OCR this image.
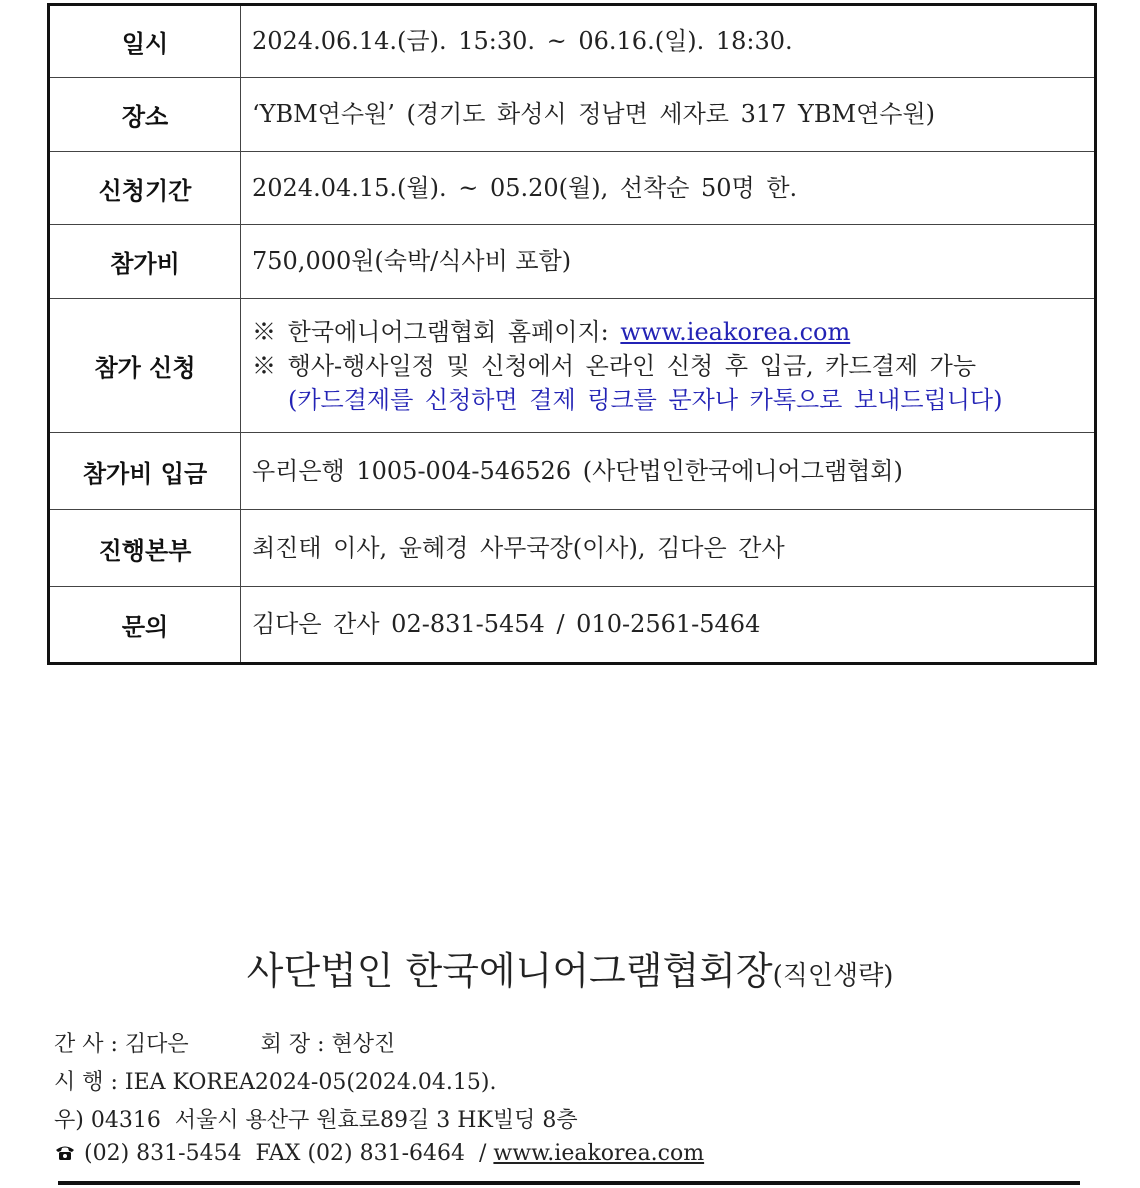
일시	2024.06.14.(금). 15:30. ~ 06.16.(일). 18:30.
장소	‘YBM연수원’ (경기도 화성시 정남면 세자로 317 YBM연수원)
신청기간	2024.04.15.(월). ~ 05.20(월), 선착순 50명 한.
참가비	750,000원(숙박/식사비 포함)
참가 신청	※ 한국에니어그램협회 홈페이지: www.ieakorea.com
※ 행사-행사일정 및 신청에서 온라인 신청 후 입금, 카드결제 가능
(카드결제를 신청하면 결제 링크를 문자나 카톡으로 보내드립니다)

참가비 입금	우리은행 1005-004-546526 (사단법인한국에니어그램협회)
진행본부	최진태 이사, 윤혜경 사무국장(이사), 김다은 간사
문의	김다은 간사 02-831-5454 / 010-2561-5464
사단법인 한국에니어그램협회장(직인생략)
간 사 : 김다은	회 장 : 현상진
시 행 : IEA KOREA2024-05(2024.04.15).
우) 04316  서울시 용산구 원효로89길 3 HK빌딩 8층
(02) 831-5454  FAX (02) 831-6464  / www.ieakorea.com
